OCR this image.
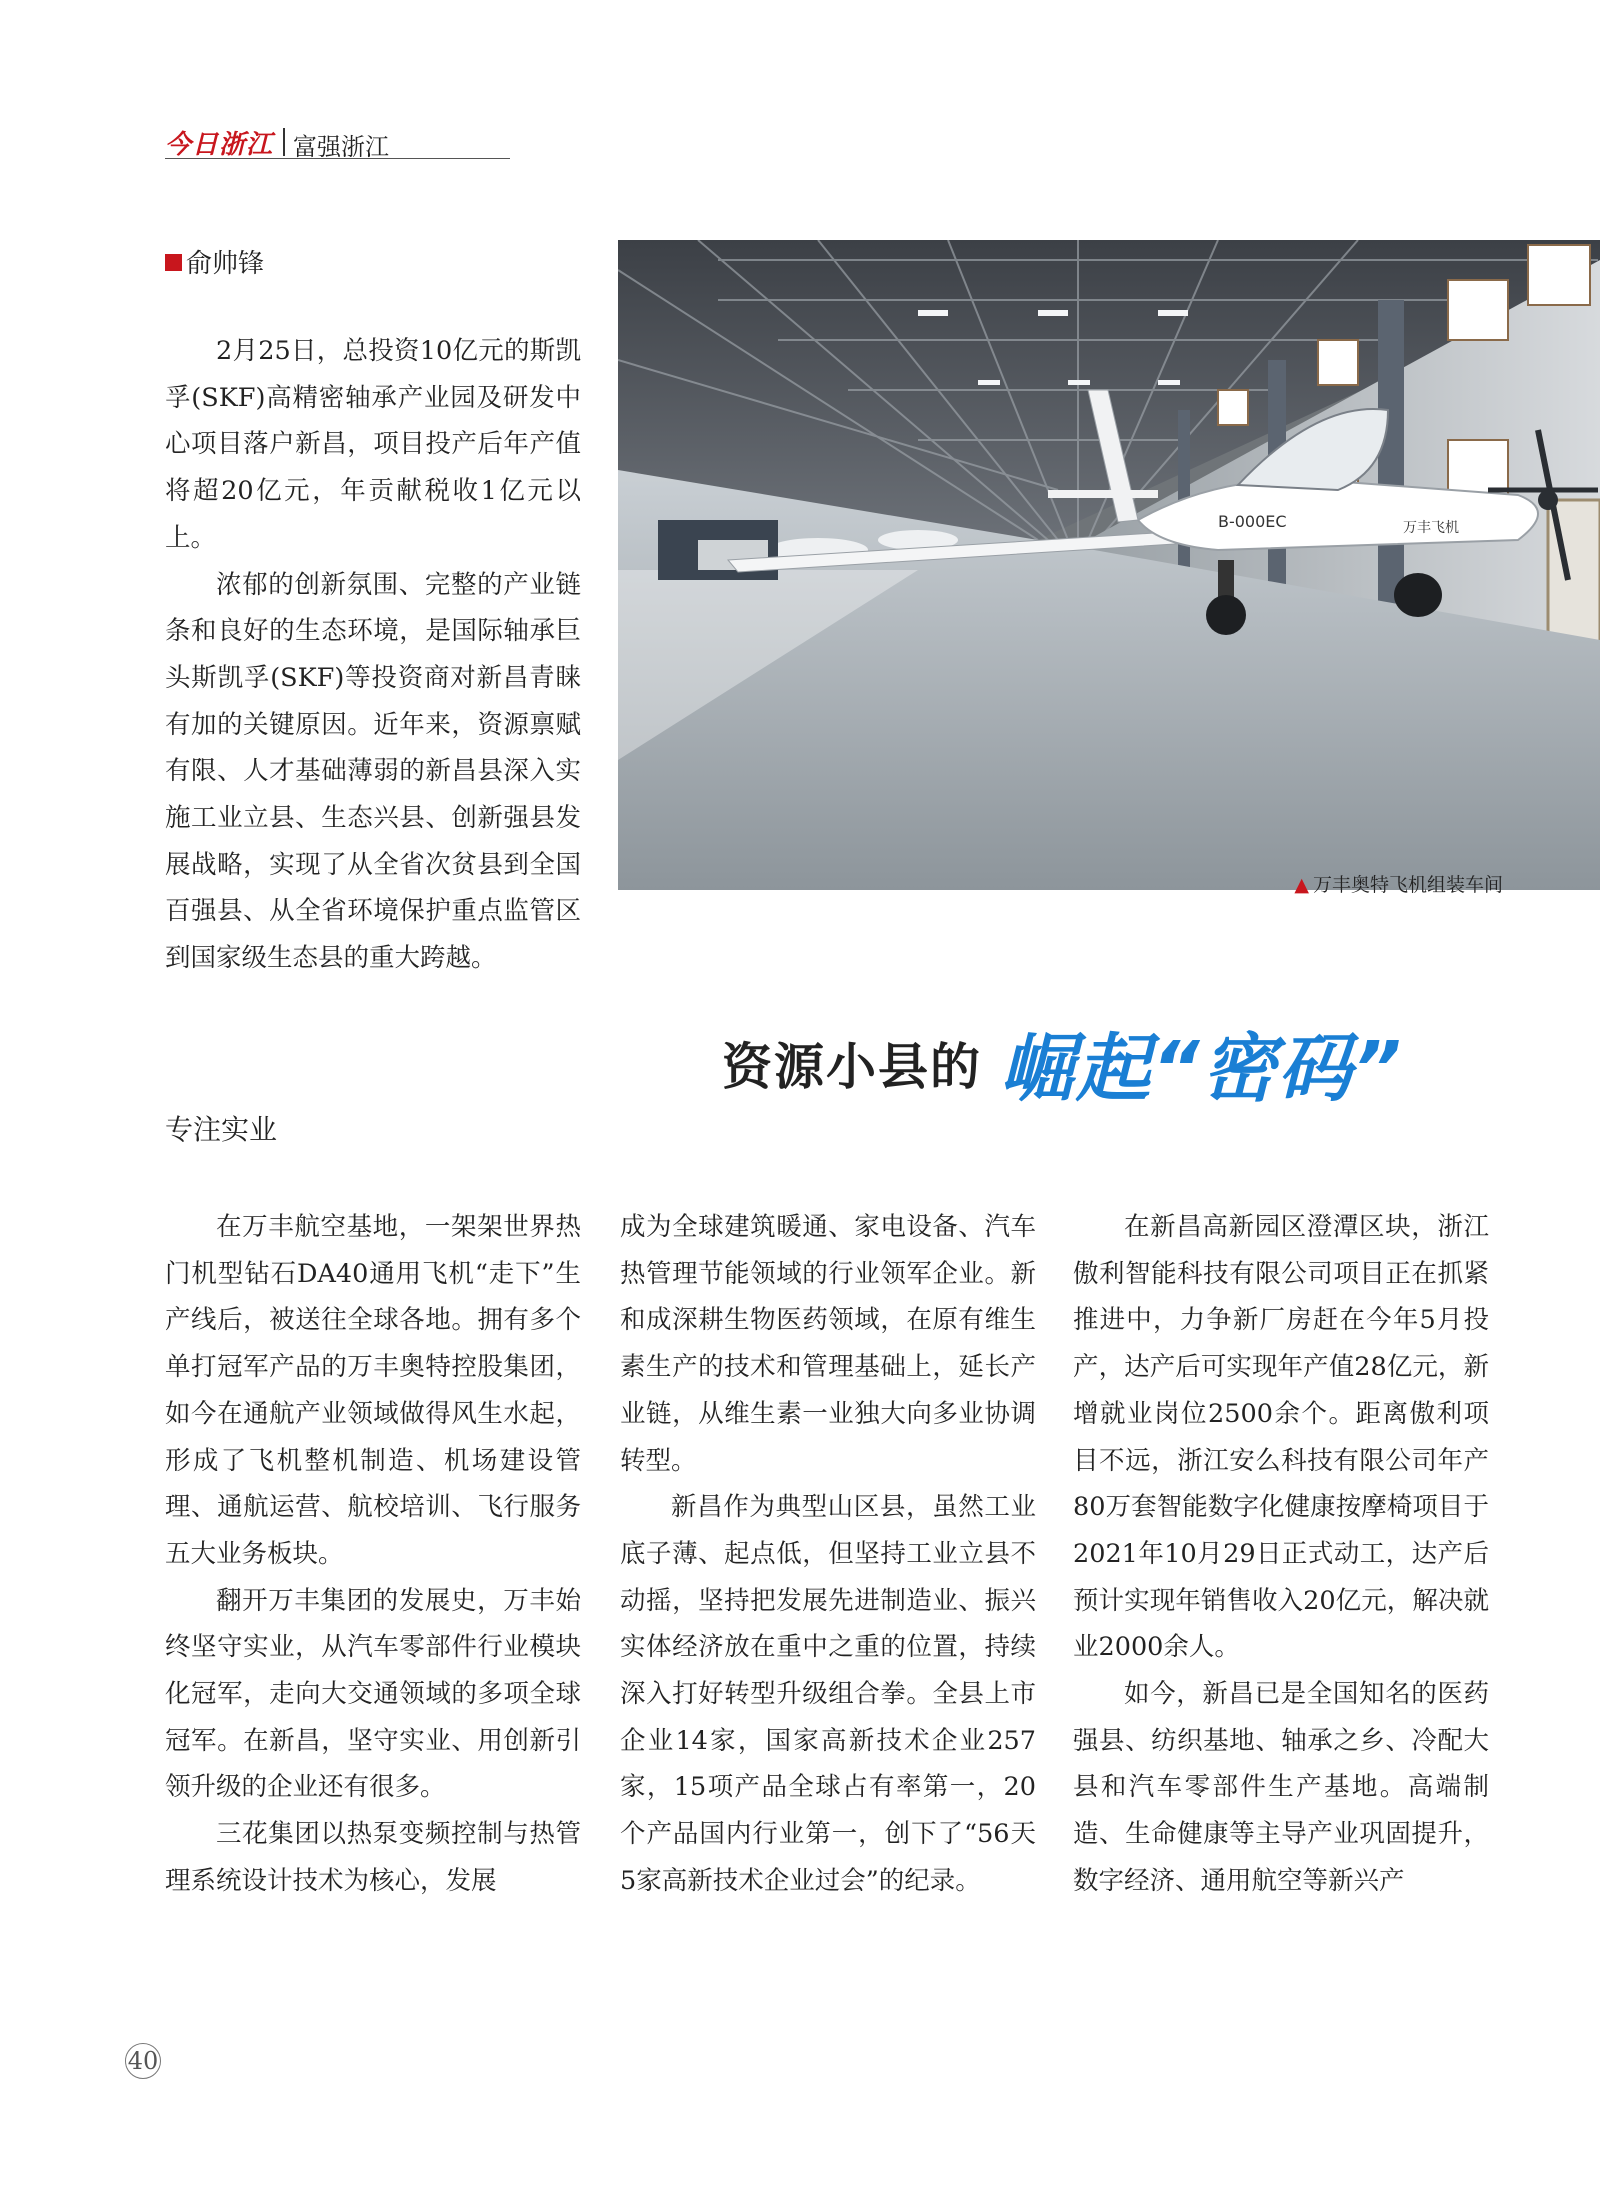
今日浙江 富强浙江
俞帅锋

2月25日，总投资10亿元的斯凯孚(SKF)高精密轴承产业园及研发中心项目落户新昌，项目投产后年产值将超20亿元，年贡献税收1亿元以上。

浓郁的创新氛围、完整的产业链条和良好的生态环境，是国际轴承巨头斯凯孚(SKF)等投资商对新昌青睐有加的关键原因。近年来，资源禀赋有限、人才基础薄弱的新昌县深入实施工业立县、生态兴县、创新强县发展战略，实现了从全省次贫县到全国百强县、从全省环境保护重点监管区到国家级生态县的重大跨越。

B-000EC	万丰飞机
▲ 万丰奥特飞机组装车间
资源小县的 崛起“密码”
专注实业

在万丰航空基地，一架架世界热门机型钻石DA40通用飞机“走下”生产线后，被送往全球各地。拥有多个单打冠军产品的万丰奥特控股集团，如今在通航产业领域做得风生水起，形成了飞机整机制造、机场建设管理、通航运营、航校培训、飞行服务五大业务板块。

翻开万丰集团的发展史，万丰始终坚守实业，从汽车零部件行业模块化冠军，走向大交通领域的多项全球冠军。在新昌，坚守实业、用创新引领升级的企业还有很多。

三花集团以热泵变频控制与热管理系统设计技术为核心，发展

成为全球建筑暖通、家电设备、汽车热管理节能领域的行业领军企业。新和成深耕生物医药领域，在原有维生素生产的技术和管理基础上，延长产业链，从维生素一业独大向多业协调转型。

新昌作为典型山区县，虽然工业底子薄、起点低，但坚持工业立县不动摇，坚持把发展先进制造业、振兴实体经济放在重中之重的位置，持续深入打好转型升级组合拳。全县上市企业14家，国家高新技术企业257家，15项产品全球占有率第一，20个产品国内行业第一，创下了“56天5家高新技术企业过会”的纪录。

在新昌高新园区澄潭区块，浙江傲利智能科技有限公司项目正在抓紧推进中，力争新厂房赶在今年5月投产，达产后可实现年产值28亿元，新增就业岗位2500余个。距离傲利项目不远，浙江安么科技有限公司年产80万套智能数字化健康按摩椅项目于2021年10月29日正式动工，达产后预计实现年销售收入20亿元，解决就业2000余人。

如今，新昌已是全国知名的医药强县、纺织基地、轴承之乡、冷配大县和汽车零部件生产基地。高端制造、生命健康等主导产业巩固提升，数字经济、通用航空等新兴产

40
